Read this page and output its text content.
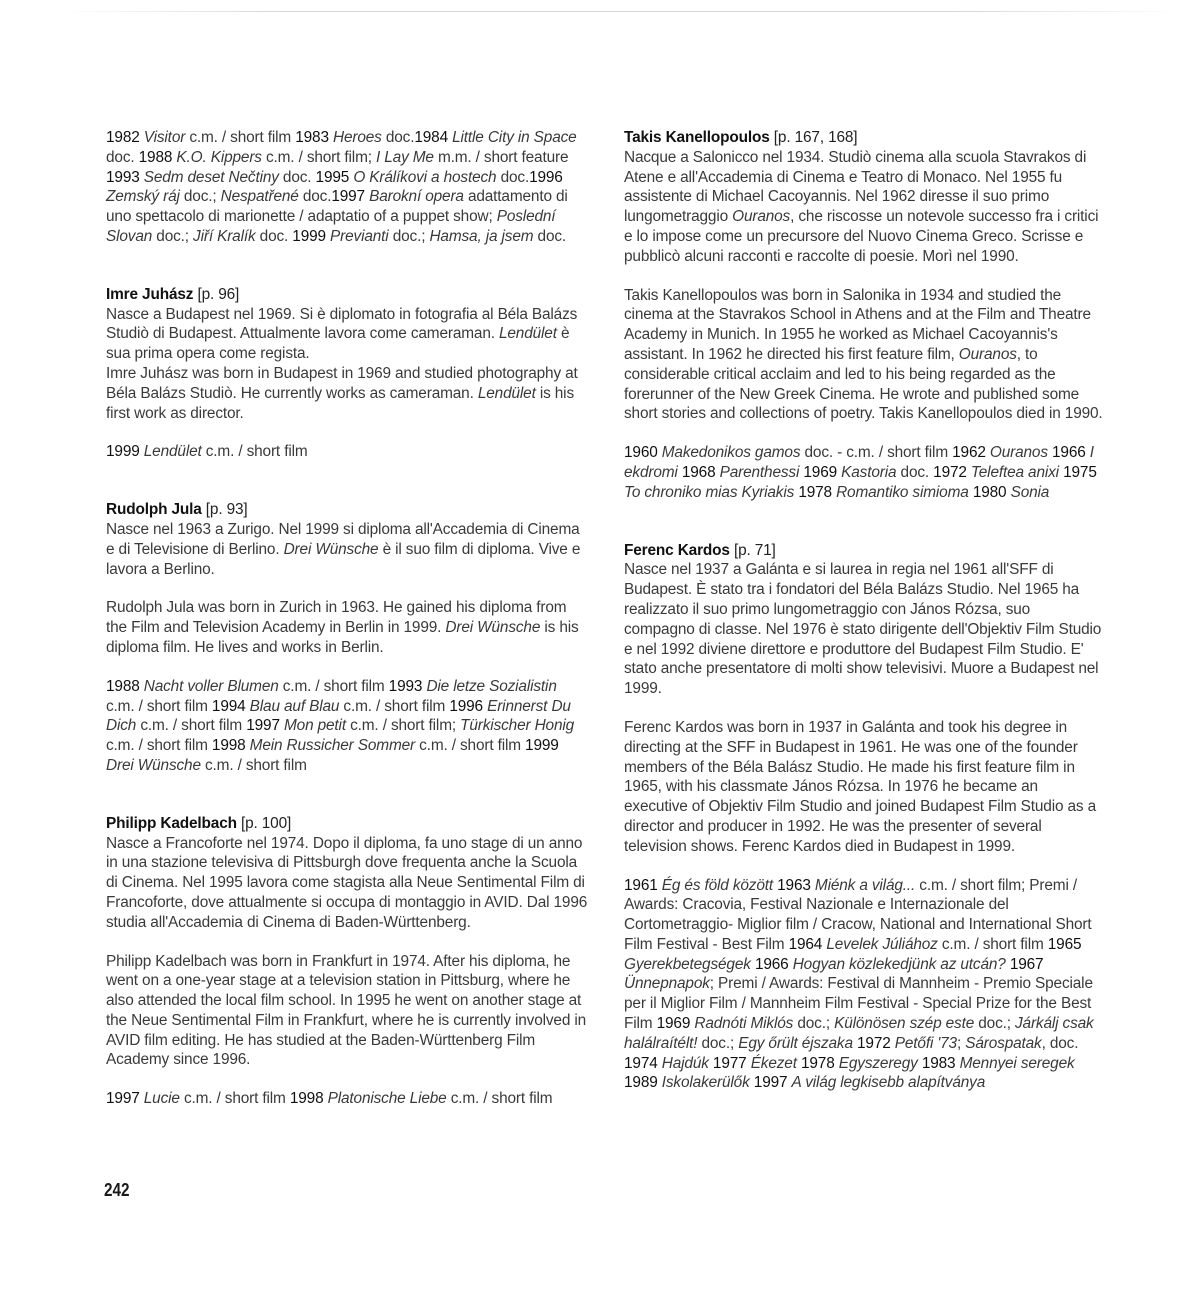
1982 Visitor c.m. / short film 1983 Heroes doc.1984 Little City in Space doc. 1988 K.O. Kippers c.m. / short film; I Lay Me m.m. / short feature 1993 Sedm deset Nečtiny doc. 1995 O Králíkovi a hostech doc.1996 Zemský ráj doc.; Nespatřené doc.1997 Barokní opera adattamento di uno spettacolo di marionette / adaptatio of a puppet show; Poslední Slovan doc.; Jiří Kralík doc. 1999 Previanti doc.; Hamsa, ja jsem doc.

Imre Juhász [p. 96]

Nasce a Budapest nel 1969. Si è diplomato in fotografia al Béla Balázs Studiò di Budapest. Attualmente lavora come cameraman. Lendület è sua prima opera come regista.
Imre Juhász was born in Budapest in 1969 and studied photography at Béla Balázs Studiò. He currently works as cameraman. Lendület is his first work as director.

1999 Lendület c.m. / short film

Rudolph Jula [p. 93]

Nasce nel 1963 a Zurigo. Nel 1999 si diploma all'Accademia di Cinema e di Televisione di Berlino. Drei Wünsche è il suo film di diploma. Vive e lavora a Berlino.

Rudolph Jula was born in Zurich in 1963. He gained his diploma from the Film and Television Academy in Berlin in 1999. Drei Wünsche is his diploma film. He lives and works in Berlin.

1988 Nacht voller Blumen c.m. / short film 1993 Die letze Sozialistin c.m. / short film 1994 Blau auf Blau c.m. / short film 1996 Erinnerst Du Dich c.m. / short film 1997 Mon petit c.m. / short film; Türkischer Honig c.m. / short film 1998 Mein Russicher Sommer c.m. / short film 1999 Drei Wünsche c.m. / short film

Philipp Kadelbach [p. 100]

Nasce a Francoforte nel 1974. Dopo il diploma, fa uno stage di un anno in una stazione televisiva di Pittsburgh dove frequenta anche la Scuola di Cinema. Nel 1995 lavora come stagista alla Neue Sentimental Film di Francoforte, dove attualmente si occupa di montaggio in AVID. Dal 1996 studia all'Accademia di Cinema di Baden-Württenberg.

Philipp Kadelbach was born in Frankfurt in 1974. After his diploma, he went on a one-year stage at a television station in Pittsburg, where he also attended the local film school. In 1995 he went on another stage at the Neue Sentimental Film in Frankfurt, where he is currently involved in AVID film editing. He has studied at the Baden-Württenberg Film Academy since 1996.

1997 Lucie c.m. / short film 1998 Platonische Liebe c.m. / short film

Takis Kanellopoulos [p. 167, 168]

Nacque a Salonicco nel 1934. Studiò cinema alla scuola Stavrakos di Atene e all'Accademia di Cinema e Teatro di Monaco. Nel 1955 fu assistente di Michael Cacoyannis. Nel 1962 diresse il suo primo lungometraggio Ouranos, che riscosse un notevole successo fra i critici e lo impose come un precursore del Nuovo Cinema Greco. Scrisse e pubblicò alcuni racconti e raccolte di poesie. Morì nel 1990.

Takis Kanellopoulos was born in Salonika in 1934 and studied the cinema at the Stavrakos School in Athens and at the Film and Theatre Academy in Munich. In 1955 he worked as Michael Cacoyannis's assistant. In 1962 he directed his first feature film, Ouranos, to considerable critical acclaim and led to his being regarded as the forerunner of the New Greek Cinema. He wrote and published some short stories and collections of poetry. Takis Kanellopoulos died in 1990.

1960 Makedonikos gamos doc. - c.m. / short film 1962 Ouranos 1966 I ekdromi 1968 Parenthessi 1969 Kastoria doc. 1972 Teleftea anixi 1975 To chroniko mias Kyriakis 1978 Romantiko simioma 1980 Sonia

Ferenc Kardos [p. 71]

Nasce nel 1937 a Galánta e si laurea in regia nel 1961 all'SFF di Budapest. È stato tra i fondatori del Béla Balázs Studio. Nel 1965 ha realizzato il suo primo lungometraggio con János Rózsa, suo compagno di classe. Nel 1976 è stato dirigente dell'Objektiv Film Studio e nel 1992 diviene direttore e produttore del Budapest Film Studio. E' stato anche presentatore di molti show televisivi. Muore a Budapest nel 1999.

Ferenc Kardos was born in 1937 in Galánta and took his degree in directing at the SFF in Budapest in 1961. He was one of the founder members of the Béla Balász Studio. He made his first feature film in 1965, with his classmate János Rózsa. In 1976 he became an executive of Objektiv Film Studio and joined Budapest Film Studio as a director and producer in 1992. He was the presenter of several television shows. Ferenc Kardos died in Budapest in 1999.

1961 Ég és föld között 1963 Miénk a világ... c.m. / short film; Premi / Awards: Cracovia, Festival Nazionale e Internazionale del Cortometraggio- Miglior film / Cracow, National and International Short Film Festival - Best Film 1964 Levelek Júliához c.m. / short film 1965 Gyerekbetegségek 1966 Hogyan közlekedjünk az utcán? 1967 Ünnepnapok; Premi / Awards: Festival di Mannheim - Premio Speciale per il Miglior Film / Mannheim Film Festival - Special Prize for the Best Film 1969 Radnóti Miklós doc.; Különösen szép este doc.; Járkálj csak halálraítélt! doc.; Egy őrült éjszaka 1972 Petőfi '73; Sárospatak, doc. 1974 Hajdúk 1977 Ékezet 1978 Egyszeregy 1983 Mennyei seregek 1989 Iskolakerülők 1997 A világ legkisebb alapítványa

242
